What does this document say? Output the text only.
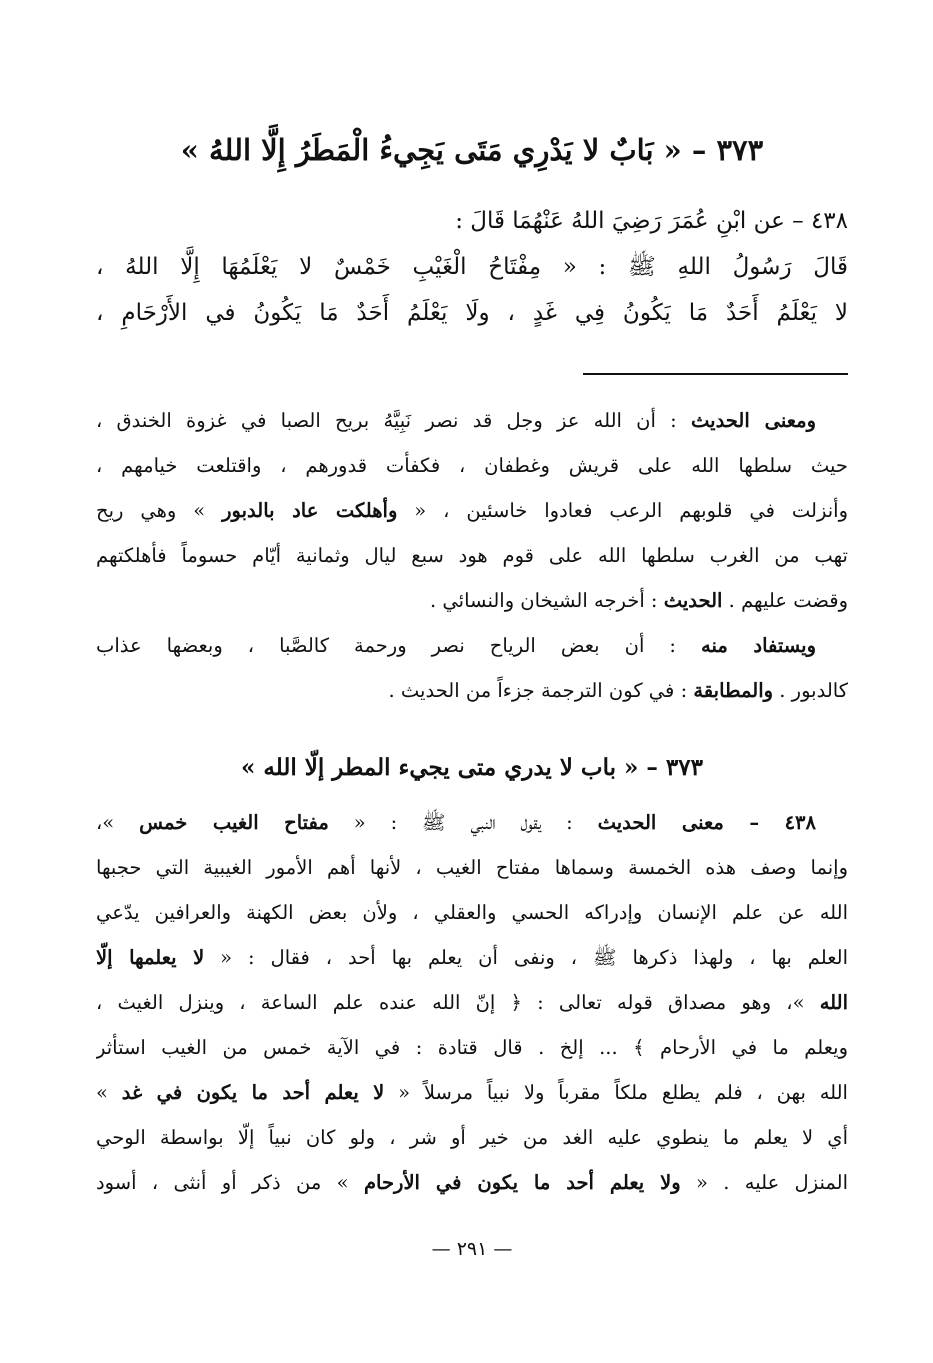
٣٧٣ – « بَابٌ لا يَدْرِي مَتَى يَجِيءُ الْمَطَرُ إِلَّا اللهُ »
٤٣٨ – عن ابْنِ عُمَرَ رَضِيَ اللهُ عَنْهُمَا قَالَ :
قَالَ رَسُولُ اللهِ ﷺ : « مِفْتَاحُ الْغَيْبِ خَمْسٌ لا يَعْلَمُهَا إِلَّا اللهُ ،
لا يَعْلَمُ أَحَدٌ مَا يَكُونُ فِي غَدٍ ، ولَا يَعْلَمُ أَحَدٌ مَا يَكُونُ في الأَرْحَامِ ،
ومعنى الحديث : أن الله عز وجل قد نصر نَبِيَّهُ بريح الصبا في غزوة الخندق ،
حيث سلطها الله على قريش وغطفان ، فكفأت قدورهم ، واقتلعت خيامهم ،
وأنزلت في قلوبهم الرعب فعادوا خاسئين ، « وأهلكت عاد بالدبور » وهي ريح
تهب من الغرب سلطها الله على قوم هود سبع ليال وثمانية أيّام حسوماً فأهلكتهم
وقضت عليهم . الحديث : أخرجه الشيخان والنسائي .
ويستفاد منه : أن بعض الرياح نصر ورحمة كالصَّبا ، وبعضها عذاب
كالدبور . والمطابقة : في كون الترجمة جزءاً من الحديث .
٣٧٣ – « باب لا يدري متى يجيء المطر إلّا الله »
٤٣٨ – معنى الحديث : يقول النبي ﷺ : « مفتاح الغيب خمس »،
وإنما وصف هذه الخمسة وسماها مفتاح الغيب ، لأنها أهم الأمور الغيبية التي حجبها
الله عن علم الإنسان وإدراكه الحسي والعقلي ، ولأن بعض الكهنة والعرافين يدّعي
العلم بها ، ولهذا ذكرها ﷺ ، ونفى أن يعلم بها أحد ، فقال : « لا يعلمها إلّا
الله »، وهو مصداق قوله تعالى : ﴿ إنّ الله عنده علم الساعة ، وينزل الغيث ،
ويعلم ما في الأرحام ﴾ ... إلخ . قال قتادة : في الآية خمس من الغيب استأثر
الله بهن ، فلم يطلع ملكاً مقرباً ولا نبياً مرسلاً « لا يعلم أحد ما يكون في غد »
أي لا يعلم ما ينطوي عليه الغد من خير أو شر ، ولو كان نبياً إلّا بواسطة الوحي
المنزل عليه . « ولا يعلم أحد ما يكون في الأرحام » من ذكر أو أنثى ، أسود
— ٢٩١ —
